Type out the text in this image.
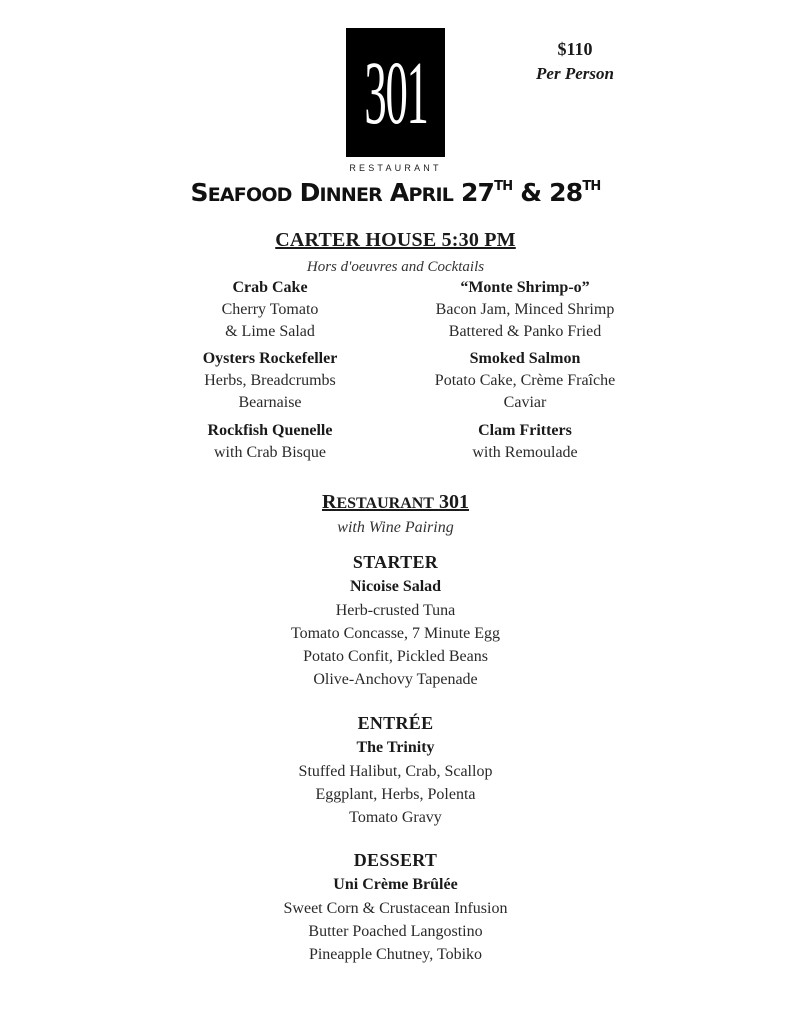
301
RESTAURANT
$110
Per Person
SEAFOOD DINNER APRIL 27TH & 28TH
CARTER HOUSE 5:30 PM
Hors d'oeuvres and Cocktails
Crab Cake
Cherry Tomato
& Lime Salad
Oysters Rockefeller
Herbs, Breadcrumbs
Bearnaise
Rockfish Quenelle
with Crab Bisque
“Monte Shrimp-o”
Bacon Jam, Minced Shrimp
Battered & Panko Fried
Smoked Salmon
Potato Cake, Crème Fraîche
Caviar
Clam Fritters
with Remoulade
RESTAURANT 301
with Wine Pairing
STARTER
Nicoise Salad
Herb-crusted Tuna
Tomato Concasse, 7 Minute Egg
Potato Confit, Pickled Beans
Olive-Anchovy Tapenade
ENTRÉE
The Trinity
Stuffed Halibut, Crab, Scallop
Eggplant, Herbs, Polenta
Tomato Gravy
DESSERT
Uni Crème Brûlée
Sweet Corn & Crustacean Infusion
Butter Poached Langostino
Pineapple Chutney, Tobiko
